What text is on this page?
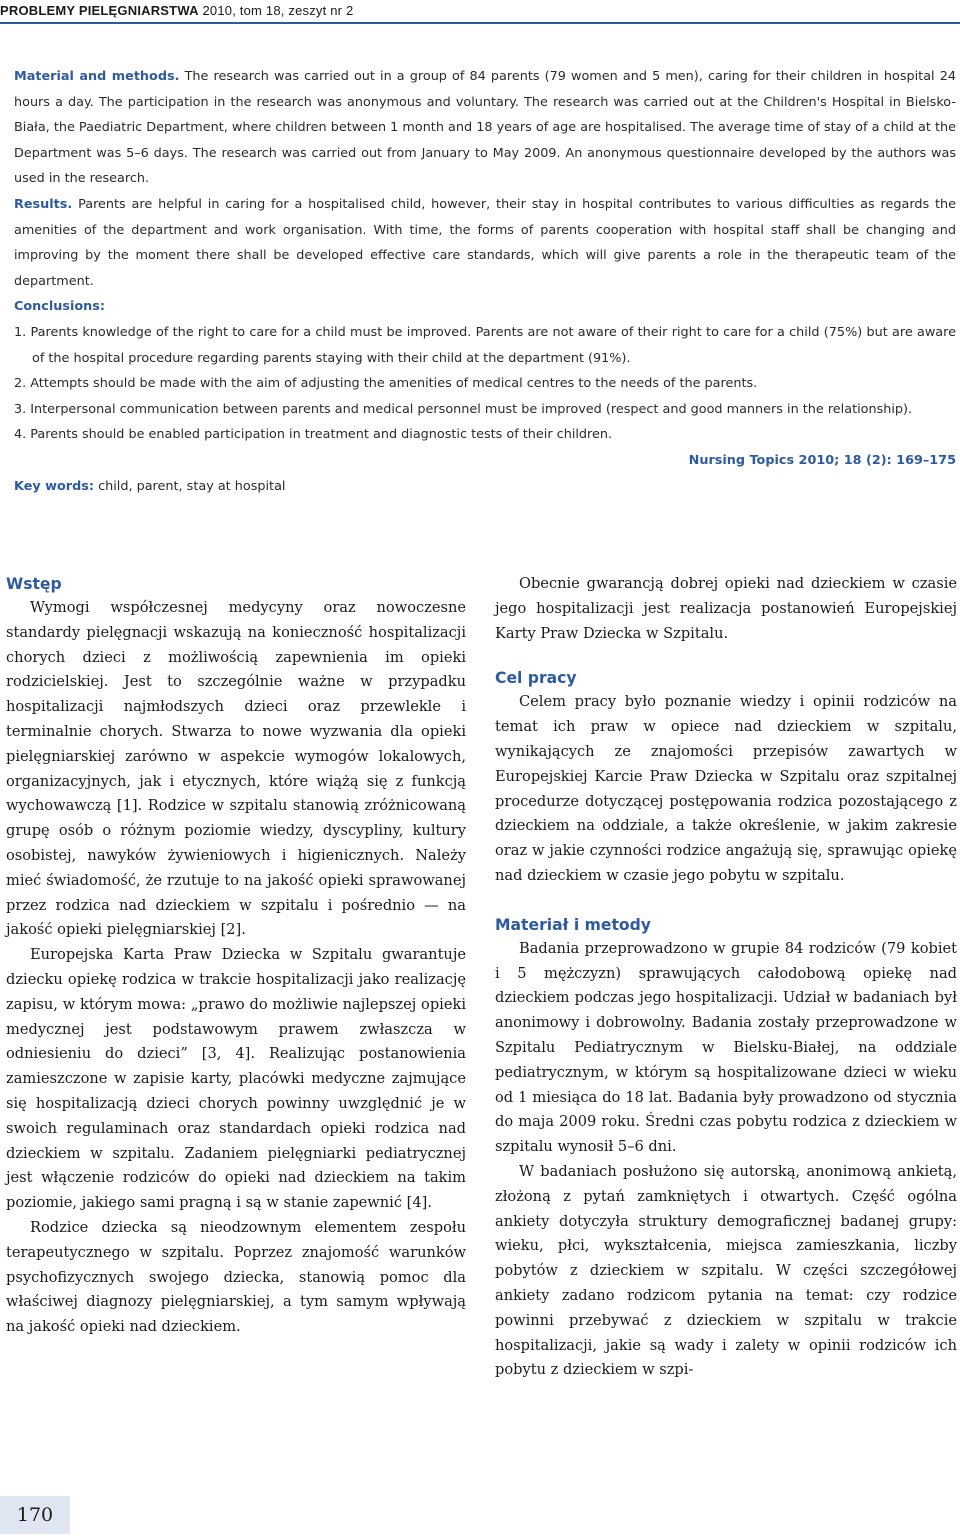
PROBLEMY PIELĘGNIARSTWA 2010, tom 18, zeszyt nr 2

Material and methods. The research was carried out in a group of 84 parents (79 women and 5 men), caring for their children in hospital 24 hours a day. The participation in the research was anonymous and voluntary. The research was carried out at the Children's Hospital in Bielsko-Biała, the Paediatric Department, where children between 1 month and 18 years of age are hospitalised. The average time of stay of a child at the Department was 5–6 days. The research was carried out from January to May 2009. An anonymous questionnaire developed by the authors was used in the research.

Results. Parents are helpful in caring for a hospitalised child, however, their stay in hospital contributes to various difficulties as regards the amenities of the department and work organisation. With time, the forms of parents cooperation with hospital staff shall be changing and improving by the moment there shall be developed effective care standards, which will give parents a role in the therapeutic team of the department.

Conclusions:

1. Parents knowledge of the right to care for a child must be improved. Parents are not aware of their right to care for a child (75%) but are aware of the hospital procedure regarding parents staying with their child at the department (91%).
2. Attempts should be made with the aim of adjusting the amenities of medical centres to the needs of the parents.
3. Interpersonal communication between parents and medical personnel must be improved (respect and good manners in the relationship).
4. Parents should be enabled participation in treatment and diagnostic tests of their children.

Nursing Topics 2010; 18 (2): 169–175

Key words: child, parent, stay at hospital

Wstęp

Wymogi współczesnej medycyny oraz nowoczesne standardy pielęgnacji wskazują na konieczność hospitalizacji chorych dzieci z możliwością zapewnienia im opieki rodzicielskiej. Jest to szczególnie ważne w przypadku hospitalizacji najmłodszych dzieci oraz przewlekle i terminalnie chorych. Stwarza to nowe wyzwania dla opieki pielęgniarskiej zarówno w aspekcie wymogów lokalowych, organizacyjnych, jak i etycznych, które wiążą się z funkcją wychowawczą [1]. Rodzice w szpitalu stanowią zróżnicowaną grupę osób o różnym poziomie wiedzy, dyscypliny, kultury osobistej, nawyków żywieniowych i higienicznych. Należy mieć świadomość, że rzutuje to na jakość opieki sprawowanej przez rodzica nad dzieckiem w szpitalu i pośrednio — na jakość opieki pielęgniarskiej [2].

Europejska Karta Praw Dziecka w Szpitalu gwarantuje dziecku opiekę rodzica w trakcie hospitalizacji jako realizację zapisu, w którym mowa: „prawo do możliwie najlepszej opieki medycznej jest podstawowym prawem zwłaszcza w odniesieniu do dzieci” [3, 4]. Realizując postanowienia zamieszczone w zapisie karty, placówki medyczne zajmujące się hospitalizacją dzieci chorych powinny uwzględnić je w swoich regulaminach oraz standardach opieki rodzica nad dzieckiem w szpitalu. Zadaniem pielęgniarki pediatrycznej jest włączenie rodziców do opieki nad dzieckiem na takim poziomie, jakiego sami pragną i są w stanie zapewnić [4].

Rodzice dziecka są nieodzownym elementem zespołu terapeutycznego w szpitalu. Poprzez znajomość warunków psychofizycznych swojego dziecka, stanowią pomoc dla właściwej diagnozy pielęgniarskiej, a tym samym wpływają na jakość opieki nad dzieckiem.

Obecnie gwarancją dobrej opieki nad dzieckiem w czasie jego hospitalizacji jest realizacja postanowień Europejskiej Karty Praw Dziecka w Szpitalu.

Cel pracy

Celem pracy było poznanie wiedzy i opinii rodziców na temat ich praw w opiece nad dzieckiem w szpitalu, wynikających ze znajomości przepisów zawartych w Europejskiej Karcie Praw Dziecka w Szpitalu oraz szpitalnej procedurze dotyczącej postępowania rodzica pozostającego z dzieckiem na oddziale, a także określenie, w jakim zakresie oraz w jakie czynności rodzice angażują się, sprawując opiekę nad dzieckiem w czasie jego pobytu w szpitalu.

Materiał i metody

Badania przeprowadzono w grupie 84 rodziców (79 kobiet i 5 mężczyzn) sprawujących całodobową opiekę nad dzieckiem podczas jego hospitalizacji. Udział w badaniach był anonimowy i dobrowolny. Badania zostały przeprowadzone w Szpitalu Pediatrycznym w Bielsku-Białej, na oddziale pediatrycznym, w którym są hospitalizowane dzieci w wieku od 1 miesiąca do 18 lat. Badania były prowadzono od stycznia do maja 2009 roku. Średni czas pobytu rodzica z dzieckiem w szpitalu wynosił 5–6 dni.

W badaniach posłużono się autorską, anonimową ankietą, złożoną z pytań zamkniętych i otwartych. Część ogólna ankiety dotyczyła struktury demograficznej badanej grupy: wieku, płci, wykształcenia, miejsca zamieszkania, liczby pobytów z dzieckiem w szpitalu. W części szczegółowej ankiety zadano rodzicom pytania na temat: czy rodzice powinni przebywać z dzieckiem w szpitalu w trakcie hospitalizacji, jakie są wady i zalety w opinii rodziców ich pobytu z dzieckiem w szpi-

170
